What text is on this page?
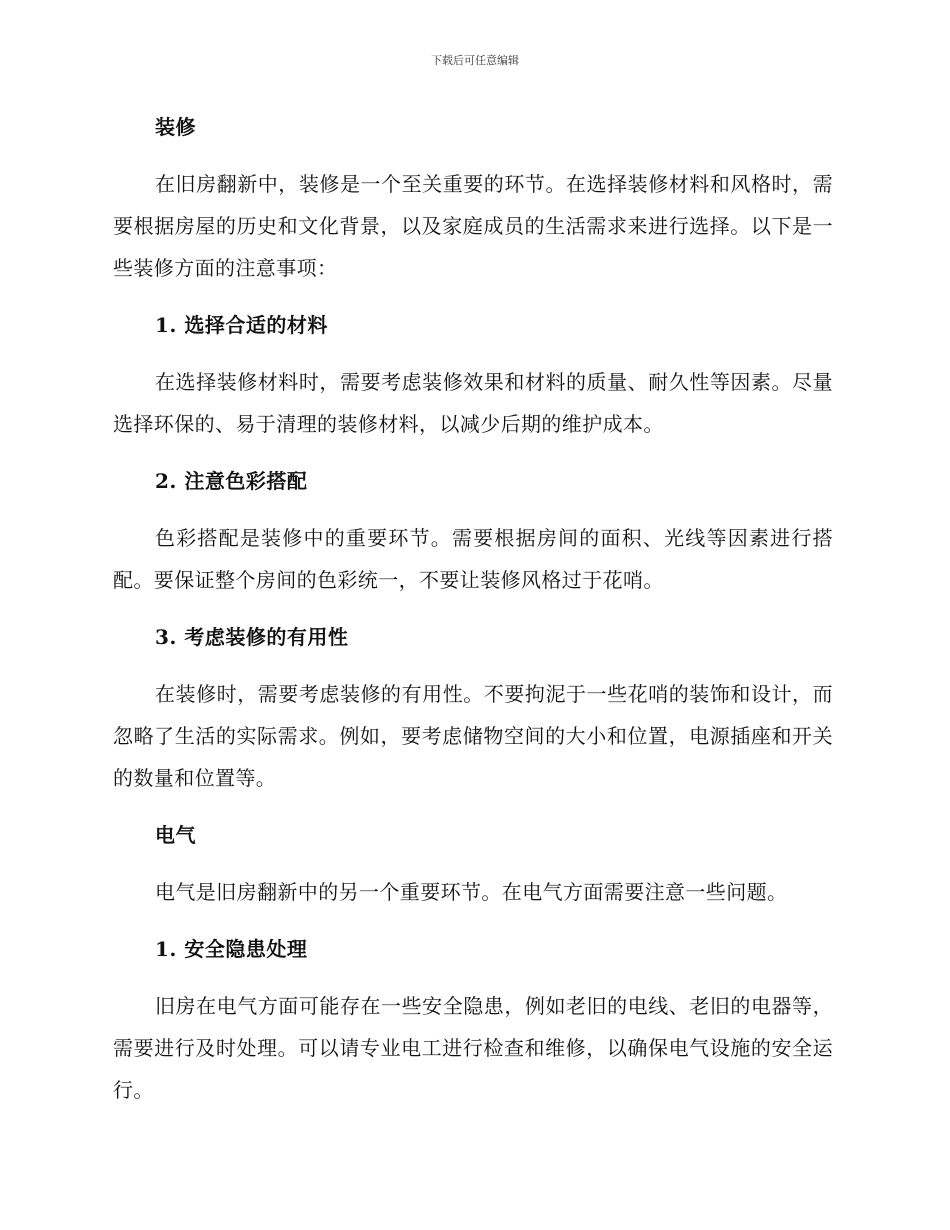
下载后可任意编辑
装修
在旧房翻新中，装修是一个至关重要的环节。在选择装修材料和风格时，需要根据房屋的历史和文化背景，以及家庭成员的生活需求来进行选择。以下是一些装修方面的注意事项：
1. 选择合适的材料
在选择装修材料时，需要考虑装修效果和材料的质量、耐久性等因素。尽量选择环保的、易于清理的装修材料，以减少后期的维护成本。
2. 注意色彩搭配
色彩搭配是装修中的重要环节。需要根据房间的面积、光线等因素进行搭配。要保证整个房间的色彩统一，不要让装修风格过于花哨。
3. 考虑装修的有用性
在装修时，需要考虑装修的有用性。不要拘泥于一些花哨的装饰和设计，而忽略了生活的实际需求。例如，要考虑储物空间的大小和位置，电源插座和开关的数量和位置等。
电气
电气是旧房翻新中的另一个重要环节。在电气方面需要注意一些问题。
1. 安全隐患处理
旧房在电气方面可能存在一些安全隐患，例如老旧的电线、老旧的电器等，需要进行及时处理。可以请专业电工进行检查和维修，以确保电气设施的安全运行。
